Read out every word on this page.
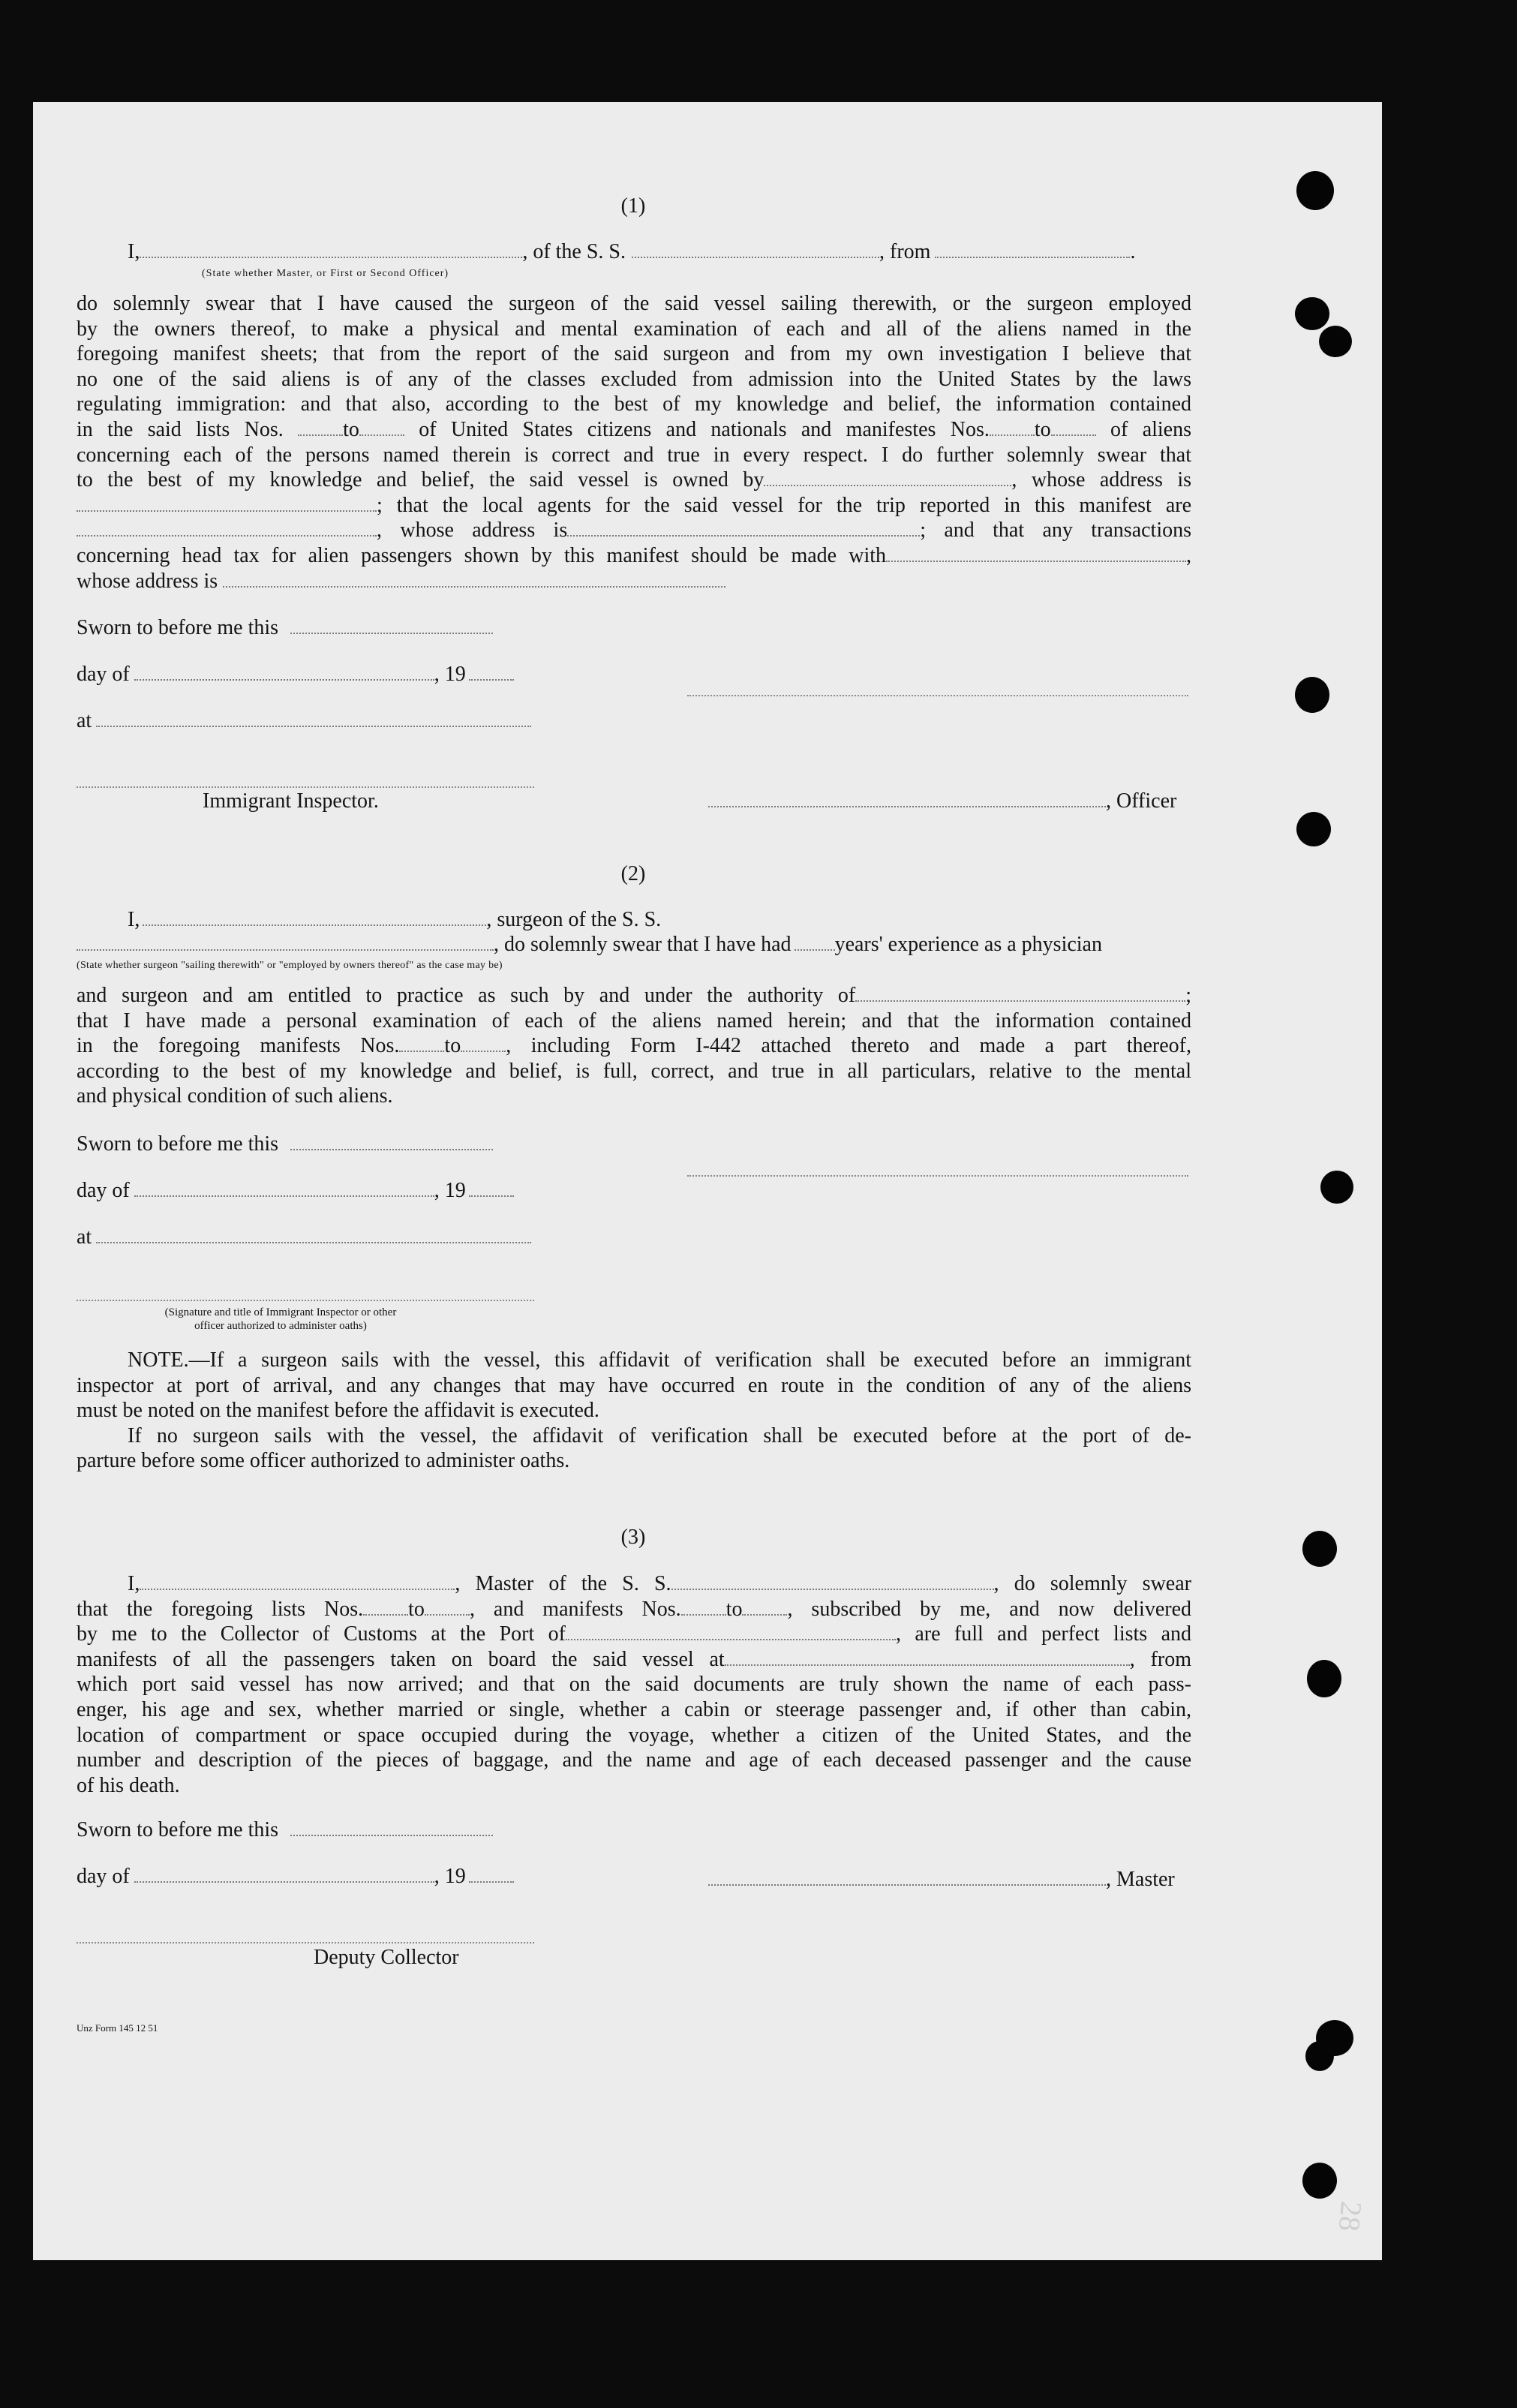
(1)
I,	, of the S. S.	, from	.
(State whether Master, or First or Second Officer)
do solemnly swear that I have caused the surgeon of the said vessel sailing therewith, or the surgeon employed
by the owners thereof, to make a physical and mental examination of each and all of the aliens named in the
foregoing manifest sheets; that from the report of the said surgeon and from my own investigation I believe that
no one of the said aliens is of any of the classes excluded from admission into the United States by the laws
regulating immigration: and that also, according to the best of my knowledge and belief, the information contained
in the said lists Nos.	to	of United States citizens and nationals and manifestes Nos. to	of aliens
concerning each of the persons named therein is correct and true in every respect. I do further solemnly swear that
to the best of my knowledge and belief, the said vessel is owned by	, whose address is
; that the local agents for the said vessel for the trip reported in this manifest are
, whose address is	; and that any transactions
concerning head tax for alien passengers shown by this manifest should be made with	,
whose address is
Sworn to before me this
day of	, 19
at
Immigrant Inspector.	, Officer
(2)
I,	, surgeon of the S. S.
, do solemnly swear that I have had years' experience as a physician
(State whether surgeon "sailing therewith" or "employed by owners thereof" as the case may be)
and surgeon and am entitled to practice as such by and under the authority of	;
that I have made a personal examination of each of the aliens named herein; and that the information contained
in the foregoing manifests Nos. to , including Form I-442 attached thereto and made a part thereof,
according to the best of my knowledge and belief, is full, correct, and true in all particulars, relative to the mental
and physical condition of such aliens.
Sworn to before me this
day of	, 19
at
(Signature and title of Immigrant Inspector or other
officer authorized to administer oaths)
NOTE.—If a surgeon sails with the vessel, this affidavit of verification shall be executed before an immigrant
inspector at port of arrival, and any changes that may have occurred en route in the condition of any of the aliens
must be noted on the manifest before the affidavit is executed.
If no surgeon sails with the vessel, the affidavit of verification shall be executed before at the port of de-
parture before some officer authorized to administer oaths.
(3)
I,	, Master of the S. S.	, do solemnly swear
that the foregoing lists Nos. to , and manifests Nos. to , subscribed by me, and now delivered
by me to the Collector of Customs at the Port of	, are full and perfect lists and
manifests of all the passengers taken on board the said vessel at	, from
which port said vessel has now arrived; and that on the said documents are truly shown the name of each pass-
enger, his age and sex, whether married or single, whether a cabin or steerage passenger and, if other than cabin,
location of compartment or space occupied during the voyage, whether a citizen of the United States, and the
number and description of the pieces of baggage, and the name and age of each deceased passenger and the cause
of his death.
Sworn to before me this
day of	, 19	, Master
Deputy Collector
Unz Form 145 12 51
28
